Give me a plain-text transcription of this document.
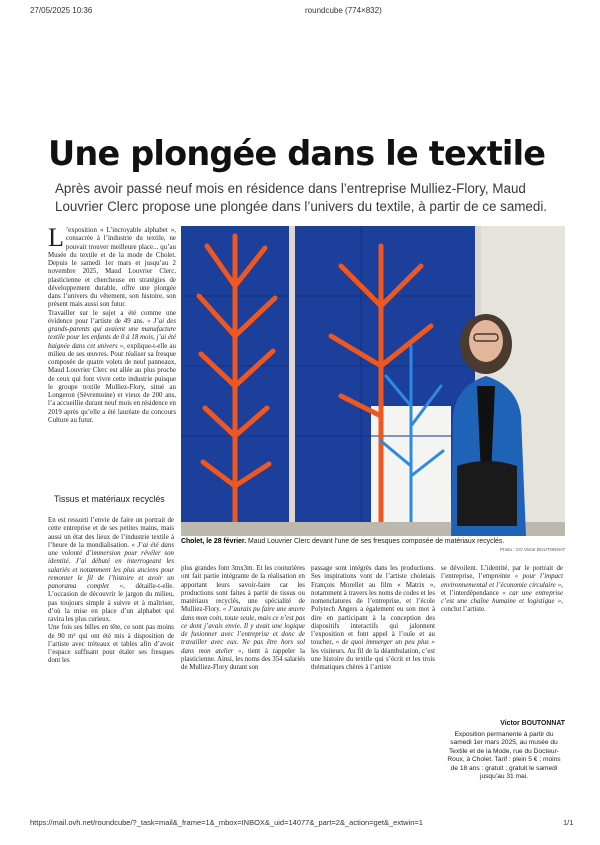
27/05/2025 10:36	roundcube (774×832)
Une plongée dans le textile
Après avoir passé neuf mois en résidence dans l’entreprise Mulliez-Flory, Maud Louvrier Clerc propose une plongée dans l’univers du textile, à partir de ce samedi.

L ’exposition « L’incroyable alphabet », consacrée à l’industrie du textile, ne pouvait trouver meilleure place... qu’au Musée du textile et de la mode de Cholet. Depuis le samedi 1er mars et jusqu’au 2 novembre 2025, Maud Louvrier Clerc, plasticienne et chercheuse en stratégies de développement durable, offre une plongée dans l’univers du vêtement, son histoire, son présent mais aussi son futur.

Travailler sur le sujet a été comme une évidence pour l’artiste de 49 ans. « J’ai des grands-parents qui avaient une manufacture textile pour les enfants de 0 à 18 mois, j’ai été baignée dans cet univers », explique-t-elle au milieu de ses œuvres. Pour réaliser sa fresque composée de quatre volets de neuf panneaux, Maud Louvrier Clerc est allée au plus proche de ceux qui font vivre cette industrie puisque le groupe textile Mulliez-Flory, situé au Longeron (Sèvremoine) et vieux de 200 ans, l’a accueillie durant neuf mois en résidence en 2019 après qu’elle a été lauréate du concours Culture au futur.

Tissus et matériaux recyclés

En est ressorti l’envie de faire un portrait de cette entreprise et de ses petites mains, mais aussi un état des lieux de l’industrie textile à l’heure de la mondialisation. « J’ai été dans une volonté d’immersion pour révéler son identité. J’ai débuté en interrogeant les salariés et notamment les plus anciens pour remonter le fil de l’histoire et avoir un panorama complet », détaille-t-elle. L’occasion de découvrir le jargon du milieu, pas toujours simple à suivre et à maîtriser, d’où la mise en place d’un alphabet qui ravira les plus curieux.

Une fois ses billes en tête, ce sont pas moins de 90 m² qui ont été mis à disposition de l’artiste avec tréteaux et tables afin d’avoir l’espace suffisant pour étaler ses fresques dont les

plus grandes font 3mx3m. Et les couturières ont fait partie intégrante de la réalisation en apportant leurs savoir-faire car les productions sont faites à partir de tissus ou matériaux recyclés, une spécialité de Mulliez-Flory. « J’aurais pu faire une œuvre dans mon coin, toute seule, mais ce n’est pas ce dont j’avais envie. Il y avait une logique de fusionner avec l’entreprise et donc de travailler avec eux. Ne pas être hors sol dans mon atelier », tient à rappeler la plasticienne. Ainsi, les noms des 354 salariés de Mulliez-Flory durant son

passage sont intégrés dans les productions. Ses inspirations vont de l’artiste choletais François Morellet au film « Matrix », notamment à travers les noms de codes et les nomenclatures de l’entreprise, et l’école Polytech Angers a également eu son mot à dire en participant à la conception des dispositifs interactifs qui jalonnent l’exposition et font appel à l’ouïe et au toucher, « de quoi immerger un peu plus » les visiteurs. Au fil de la déambulation, c’est une histoire du textile qui s’écrit et les trois thématiques chères à l’artiste

se dévoilent. L’identité, par le portrait de l’entreprise, l’empreinte « pour l’impact environnemental et l’économie circulaire », et l’interdépendance « car une entreprise c’est une chaîne humaine et logistique », conclut l’artiste.

Victor BOUTONNAT
Exposition permanente à partir du samedi 1er mars 2025, au musée du Textile et de la Mode, rue du Docteur-Roux, à Cholet. Tarif : plein 5 € ; moins de 18 ans : gratuit ; gratuit le samedi jusqu’au 31 mai.
Cholet, le 28 février. Maud Louvrier Clerc devant l’une de ses fresques composée de matériaux recyclés.
Photo : CO Victor BOUTONNAT
https://mail.ovh.net/roundcube/?_task=mail&_frame=1&_mbox=INBOX&_uid=14077&_part=2&_action=get&_extwin=1	1/1
